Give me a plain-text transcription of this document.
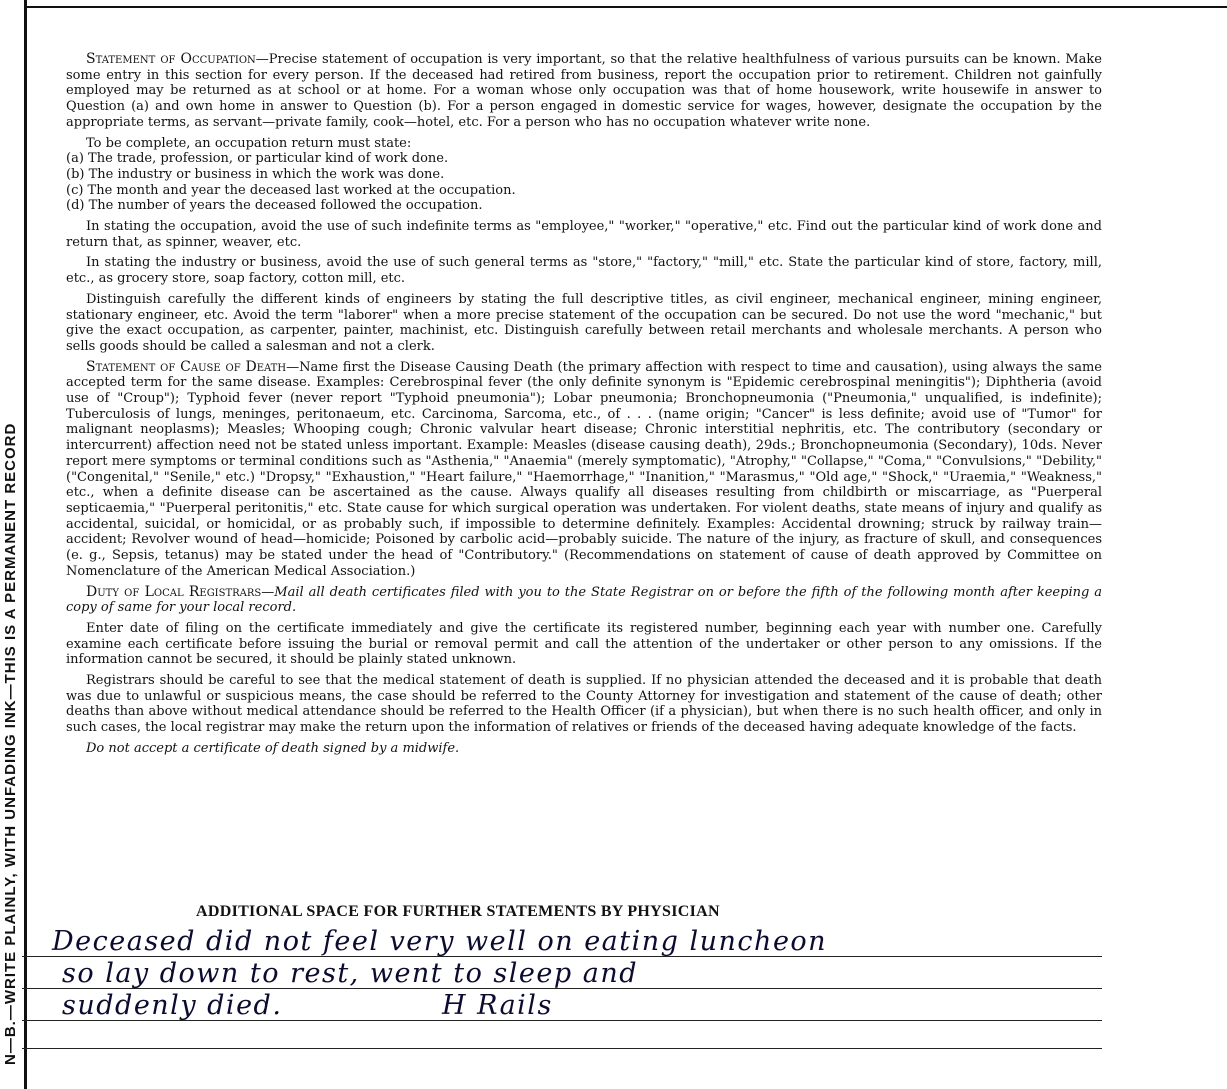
N—B.—WRITE PLAINLY, WITH UNFADING INK—THIS IS A PERMANENT RECORD

Statement of Occupation—Precise statement of occupation is very important, so that the relative healthfulness of various pursuits can be known. Make some entry in this section for every person. If the deceased had retired from business, report the occupation prior to retirement. Children not gainfully employed may be returned as at school or at home. For a woman whose only occupation was that of home housework, write housewife in answer to Question (a) and own home in answer to Question (b). For a person engaged in domestic service for wages, however, designate the occupation by the appropriate terms, as servant—private family, cook—hotel, etc. For a person who has no occupation whatever write none.

To be complete, an occupation return must state:

(a) The trade, profession, or particular kind of work done.
(b) The industry or business in which the work was done.
(c) The month and year the deceased last worked at the occupation.
(d) The number of years the deceased followed the occupation.

In stating the occupation, avoid the use of such indefinite terms as "employee," "worker," "operative," etc. Find out the particular kind of work done and return that, as spinner, weaver, etc.

In stating the industry or business, avoid the use of such general terms as "store," "factory," "mill," etc. State the particular kind of store, factory, mill, etc., as grocery store, soap factory, cotton mill, etc.

Distinguish carefully the different kinds of engineers by stating the full descriptive titles, as civil engineer, mechanical engineer, mining engineer, stationary engineer, etc. Avoid the term "laborer" when a more precise statement of the occupation can be secured. Do not use the word "mechanic," but give the exact occupation, as carpenter, painter, machinist, etc. Distinguish carefully between retail merchants and wholesale merchants. A person who sells goods should be called a salesman and not a clerk.

Statement of Cause of Death—Name first the Disease Causing Death (the primary affection with respect to time and causation), using always the same accepted term for the same disease. Examples: Cerebrospinal fever (the only definite synonym is "Epidemic cerebrospinal meningitis"); Diphtheria (avoid use of "Croup"); Typhoid fever (never report "Typhoid pneumonia"); Lobar pneumonia; Bronchopneumonia ("Pneumonia," unqualified, is indefinite); Tuberculosis of lungs, meninges, peritonaeum, etc. Carcinoma, Sarcoma, etc., of . . . (name origin; "Cancer" is less definite; avoid use of "Tumor" for malignant neoplasms); Measles; Whooping cough; Chronic valvular heart disease; Chronic interstitial nephritis, etc. The contributory (secondary or intercurrent) affection need not be stated unless important. Example: Measles (disease causing death), 29ds.; Bronchopneumonia (Secondary), 10ds. Never report mere symptoms or terminal conditions such as "Asthenia," "Anaemia" (merely symptomatic), "Atrophy," "Collapse," "Coma," "Convulsions," "Debility," ("Congenital," "Senile," etc.) "Dropsy," "Exhaustion," "Heart failure," "Haemorrhage," "Inanition," "Marasmus," "Old age," "Shock," "Uraemia," "Weakness," etc., when a definite disease can be ascertained as the cause. Always qualify all diseases resulting from childbirth or miscarriage, as "Puerperal septicaemia," "Puerperal peritonitis," etc. State cause for which surgical operation was undertaken. For violent deaths, state means of injury and qualify as accidental, suicidal, or homicidal, or as probably such, if impossible to determine definitely. Examples: Accidental drowning; struck by railway train—accident; Revolver wound of head—homicide; Poisoned by carbolic acid—probably suicide. The nature of the injury, as fracture of skull, and consequences (e. g., Sepsis, tetanus) may be stated under the head of "Contributory." (Recommendations on statement of cause of death approved by Committee on Nomenclature of the American Medical Association.)

Duty of Local Registrars—Mail all death certificates filed with you to the State Registrar on or before the fifth of the following month after keeping a copy of same for your local record.

Enter date of filing on the certificate immediately and give the certificate its registered number, beginning each year with number one. Carefully examine each certificate before issuing the burial or removal permit and call the attention of the undertaker or other person to any omissions. If the information cannot be secured, it should be plainly stated unknown.

Registrars should be careful to see that the medical statement of death is supplied. If no physician attended the deceased and it is probable that death was due to unlawful or suspicious means, the case should be referred to the County Attorney for investigation and statement of the cause of death; other deaths than above without medical attendance should be referred to the Health Officer (if a physician), but when there is no such health officer, and only in such cases, the local registrar may make the return upon the information of relatives or friends of the deceased having adequate knowledge of the facts.

Do not accept a certificate of death signed by a midwife.

ADDITIONAL SPACE FOR FURTHER STATEMENTS BY PHYSICIAN
Deceased did not feel very well on eating luncheon
so lay down to rest, went to sleep and
suddenly died.	H Rails
